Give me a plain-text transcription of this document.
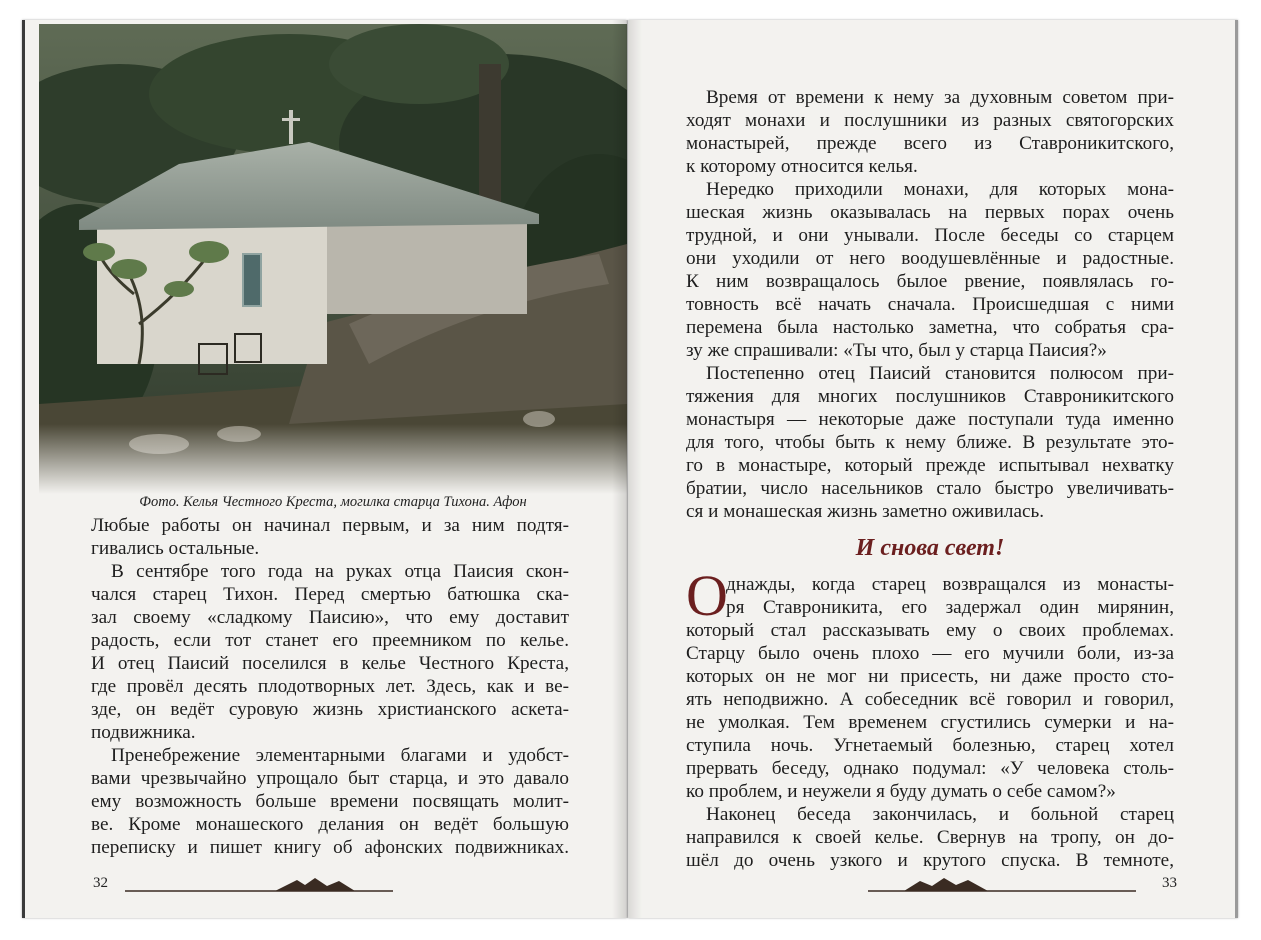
Фото. Келья Честного Креста, могилка старца Тихона. Афон
Любые работы он начинал первым, и за ним подтя-
гивались остальные.
В сентябре того года на руках отца Паисия скон-
чался старец Тихон. Перед смертью батюшка ска-
зал своему «сладкому Паисию», что ему доставит
радость, если тот станет его преемником по келье.
И отец Паисий поселился в келье Честного Креста,
где провёл десять плодотворных лет. Здесь, как и ве-
зде, он ведёт суровую жизнь христианского аскета-
подвижника.
Пренебрежение элементарными благами и удобст-
вами чрезвычайно упрощало быт старца, и это давало
ему возможность больше времени посвящать молит-
ве. Кроме монашеского делания он ведёт большую
переписку и пишет книгу об афонских подвижниках.
32
Время от времени к нему за духовным советом при-
ходят монахи и послушники из разных святогорских
монастырей, прежде всего из Ставроникитского,
к которому относится келья.
Нередко приходили монахи, для которых мона-
шеская жизнь оказывалась на первых порах очень
трудной, и они унывали. После беседы со старцем
они уходили от него воодушевлённые и радостные.
К ним возвращалось былое рвение, появлялась го-
товность всё начать сначала. Происшедшая с ними
перемена была настолько заметна, что собратья сра-
зу же спрашивали: «Ты что, был у старца Паисия?»
Постепенно отец Паисий становится полюсом при-
тяжения для многих послушников Ставроникитского
монастыря — некоторые даже поступали туда именно
для того, чтобы быть к нему ближе. В результате это-
го в монастыре, который прежде испытывал нехватку
братии, число насельников стало быстро увеличивать-
ся и монашеская жизнь заметно оживилась.
И снова свет!
О
днажды, когда старец возвращался из монасты-
ря Ставроникита, его задержал один мирянин,
который стал рассказывать ему о своих проблемах.
Старцу было очень плохо — его мучили боли, из-за
которых он не мог ни присесть, ни даже просто сто-
ять неподвижно. А собеседник всё говорил и говорил,
не умолкая. Тем временем сгустились сумерки и на-
ступила ночь. Угнетаемый болезнью, старец хотел
прервать беседу, однако подумал: «У человека столь-
ко проблем, и неужели я буду думать о себе самом?»
Наконец беседа закончилась, и больной старец
направился к своей келье. Свернув на тропу, он до-
шёл до очень узкого и крутого спуска. В темноте,
33
